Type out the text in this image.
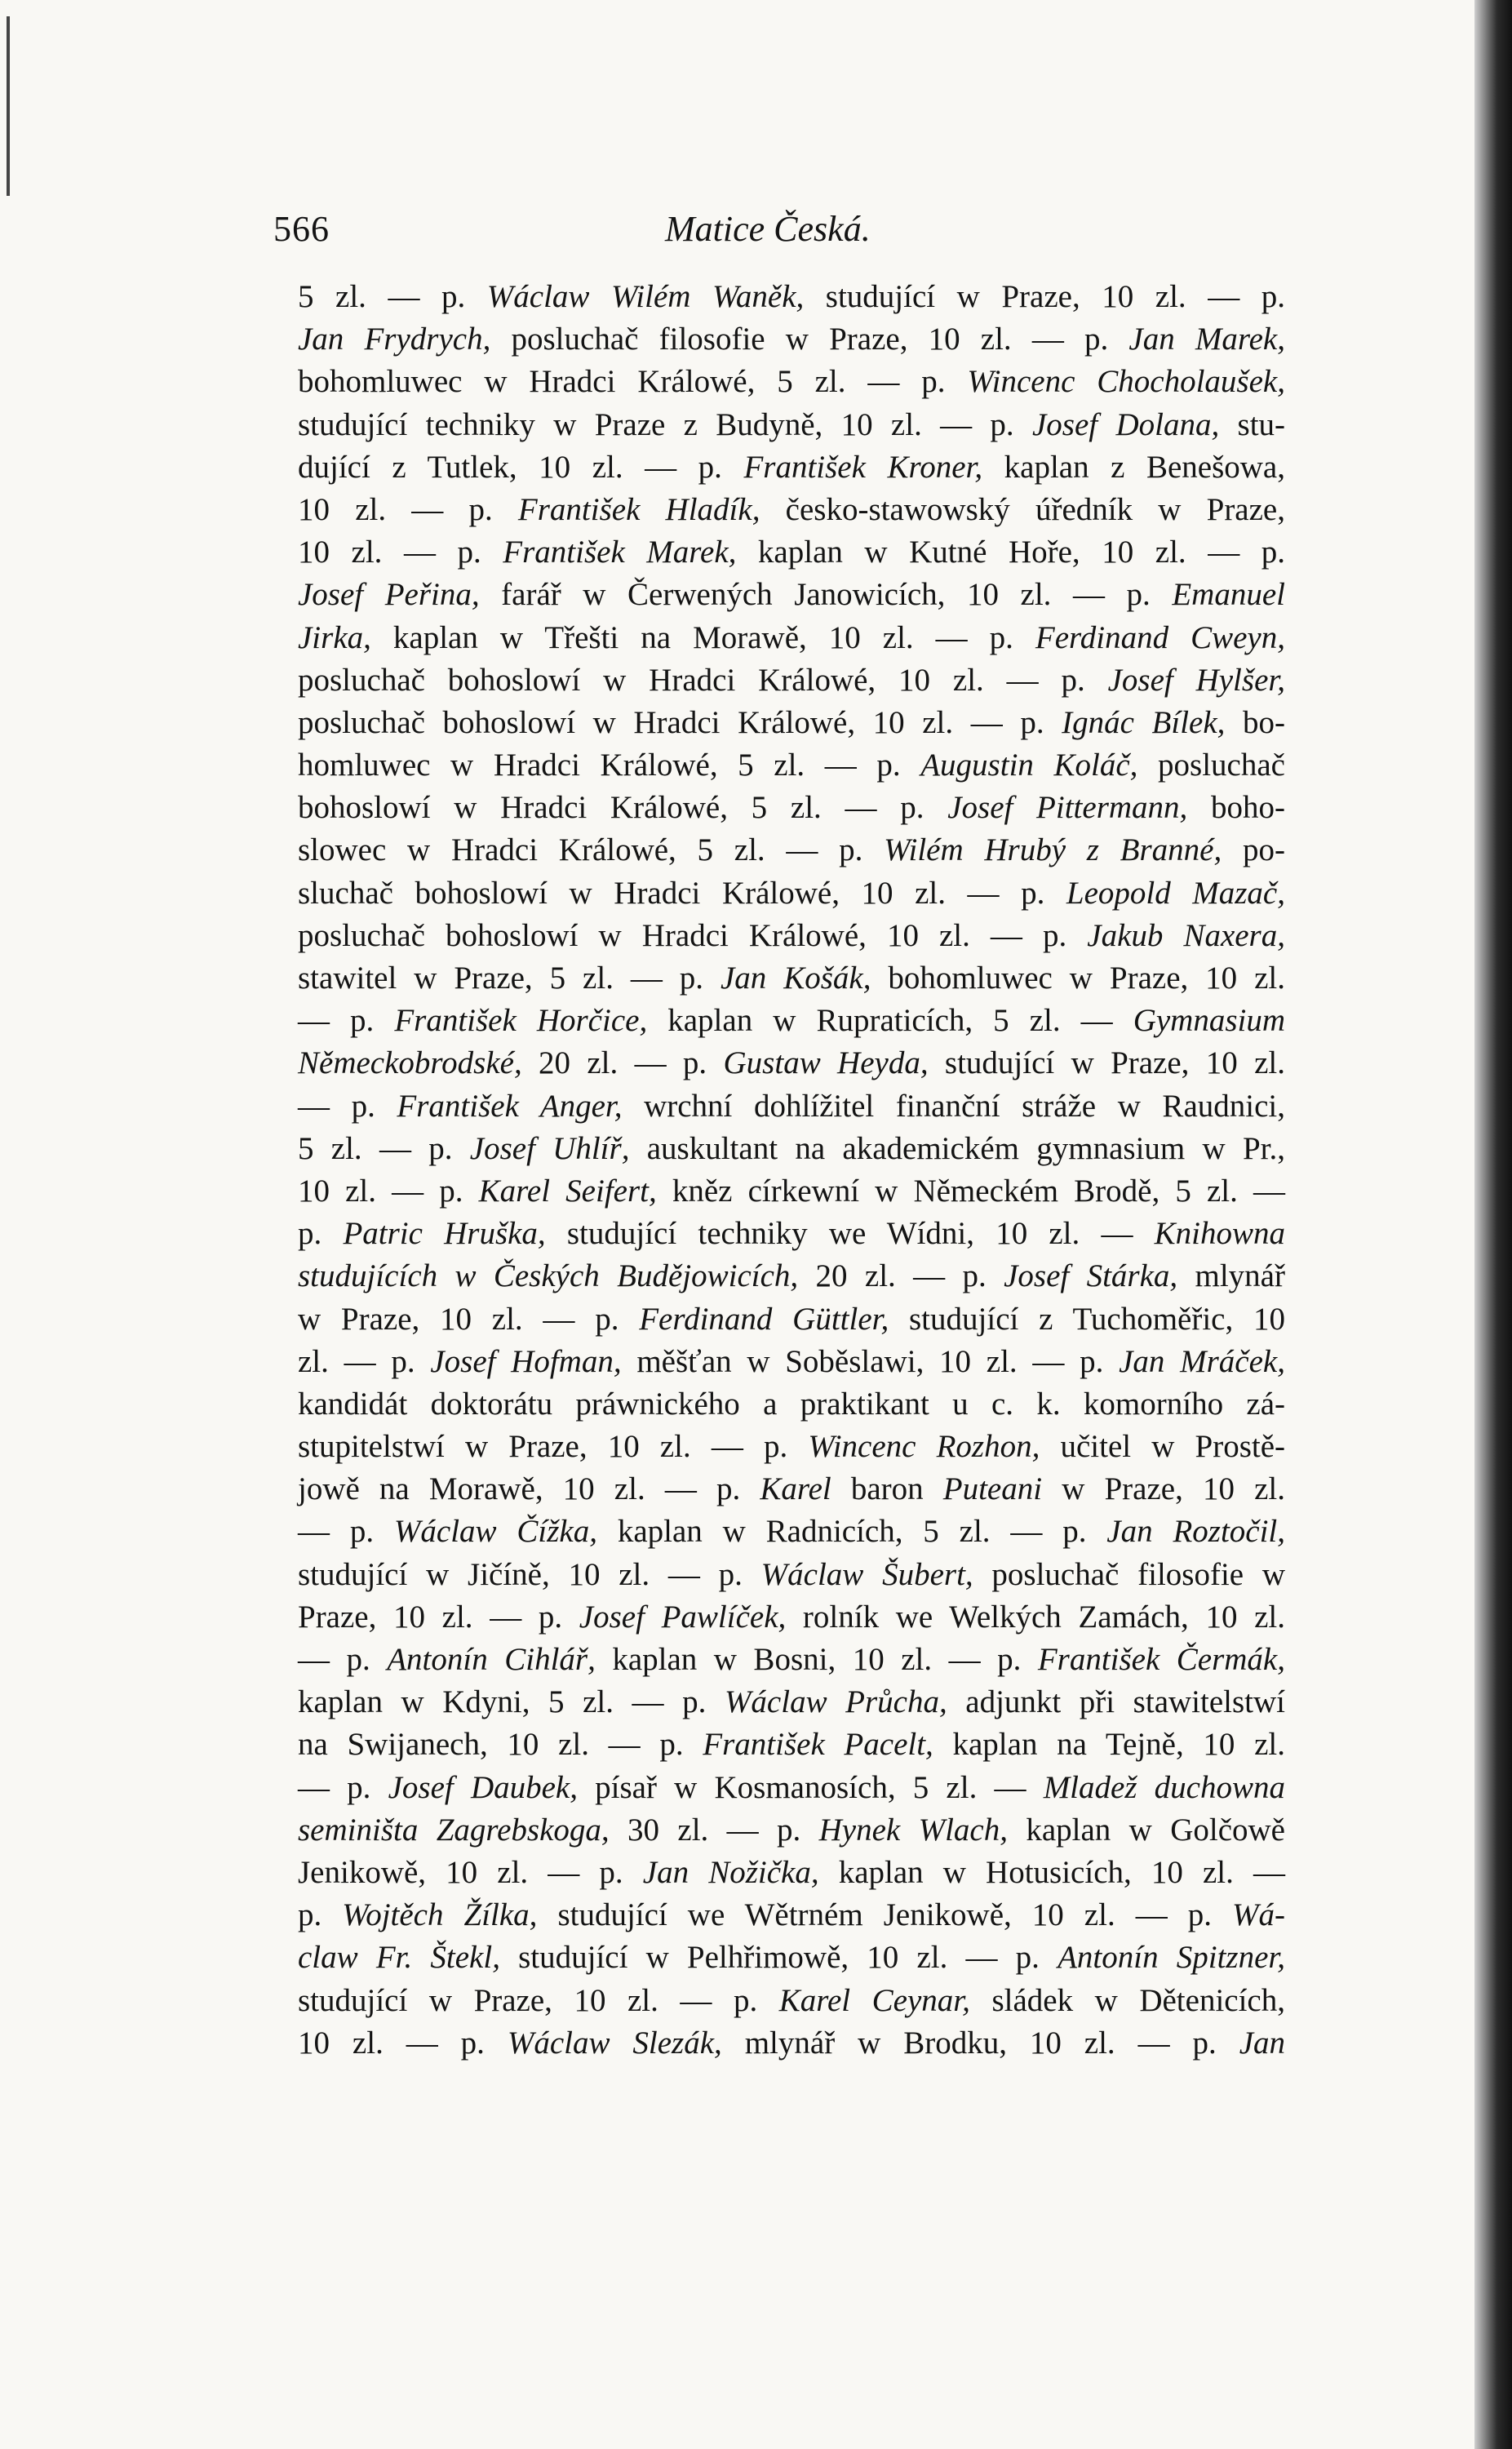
566	Matice Česká.
5 zl. — p. Wáclaw Wilém Waněk, studující w Praze, 10 zl. — p.
Jan Frydrych, posluchač filosofie w Praze, 10 zl. — p. Jan Marek,
bohomluwec w Hradci Králowé, 5 zl. — p. Wincenc Chocholaušek,
studující techniky w Praze z Budyně, 10 zl. — p. Josef Dolana, stu-
dující z Tutlek, 10 zl. — p. František Kroner, kaplan z Benešowa,
10 zl. — p. František Hladík, česko-stawowský úředník w Praze,
10 zl. — p. František Marek, kaplan w Kutné Hoře, 10 zl. — p.
Josef Peřina, farář w Čerwených Janowicích, 10 zl. — p. Emanuel
Jirka, kaplan w Třešti na Morawě, 10 zl. — p. Ferdinand Cweyn,
posluchač bohoslowí w Hradci Králowé, 10 zl. — p. Josef Hylšer,
posluchač bohoslowí w Hradci Králowé, 10 zl. — p. Ignác Bílek, bo-
homluwec w Hradci Králowé, 5 zl. — p. Augustin Koláč, posluchač
bohoslowí w Hradci Králowé, 5 zl. — p. Josef Pittermann, boho-
slowec w Hradci Králowé, 5 zl. — p. Wilém Hrubý z Branné, po-
sluchač bohoslowí w Hradci Králowé, 10 zl. — p. Leopold Mazač,
posluchač bohoslowí w Hradci Králowé, 10 zl. — p. Jakub Naxera,
stawitel w Praze, 5 zl. — p. Jan Košák, bohomluwec w Praze, 10 zl.
— p. František Horčice, kaplan w Rupraticích, 5 zl. — Gymnasium
Německobrodské, 20 zl. — p. Gustaw Heyda, studující w Praze, 10 zl.
— p. František Anger, wrchní dohlížitel finanční stráže w Raudnici,
5 zl. — p. Josef Uhlíř, auskultant na akademickém gymnasium w Pr.,
10 zl. — p. Karel Seifert, kněz církewní w Německém Brodě, 5 zl. —
p. Patric Hruška, studující techniky we Wídni, 10 zl. — Knihowna
studujících w Českých Budějowicích, 20 zl. — p. Josef Stárka, mlynář
w Praze, 10 zl. — p. Ferdinand Güttler, studující z Tuchoměřic, 10
zl. — p. Josef Hofman, měšťan w Soběslawi, 10 zl. — p. Jan Mráček,
kandidát doktorátu práwnického a praktikant u c. k. komorního zá-
stupitelstwí w Praze, 10 zl. — p. Wincenc Rozhon, učitel w Prostě-
jowě na Morawě, 10 zl. — p. Karel baron Puteani w Praze, 10 zl.
— p. Wáclaw Čížka, kaplan w Radnicích, 5 zl. — p. Jan Roztočil,
studující w Jičíně, 10 zl. — p. Wáclaw Šubert, posluchač filosofie w
Praze, 10 zl. — p. Josef Pawlíček, rolník we Welkých Zamách, 10 zl.
— p. Antonín Cihlář, kaplan w Bosni, 10 zl. — p. František Čermák,
kaplan w Kdyni, 5 zl. — p. Wáclaw Průcha, adjunkt při stawitelstwí
na Swijanech, 10 zl. — p. František Pacelt, kaplan na Tejně, 10 zl.
— p. Josef Daubek, písař w Kosmanosích, 5 zl. — Mladež duchowna
seminišta Zagrebskoga, 30 zl. — p. Hynek Wlach, kaplan w Golčowě
Jenikowě, 10 zl. — p. Jan Nožička, kaplan w Hotusicích, 10 zl. —
p. Wojtěch Žílka, studující we Wětrném Jenikowě, 10 zl. — p. Wá-
claw Fr. Štekl, studující w Pelhřimowě, 10 zl. — p. Antonín Spitzner,
studující w Praze, 10 zl. — p. Karel Ceynar, sládek w Dětenicích,
10 zl. — p. Wáclaw Slezák, mlynář w Brodku, 10 zl. — p. Jan
